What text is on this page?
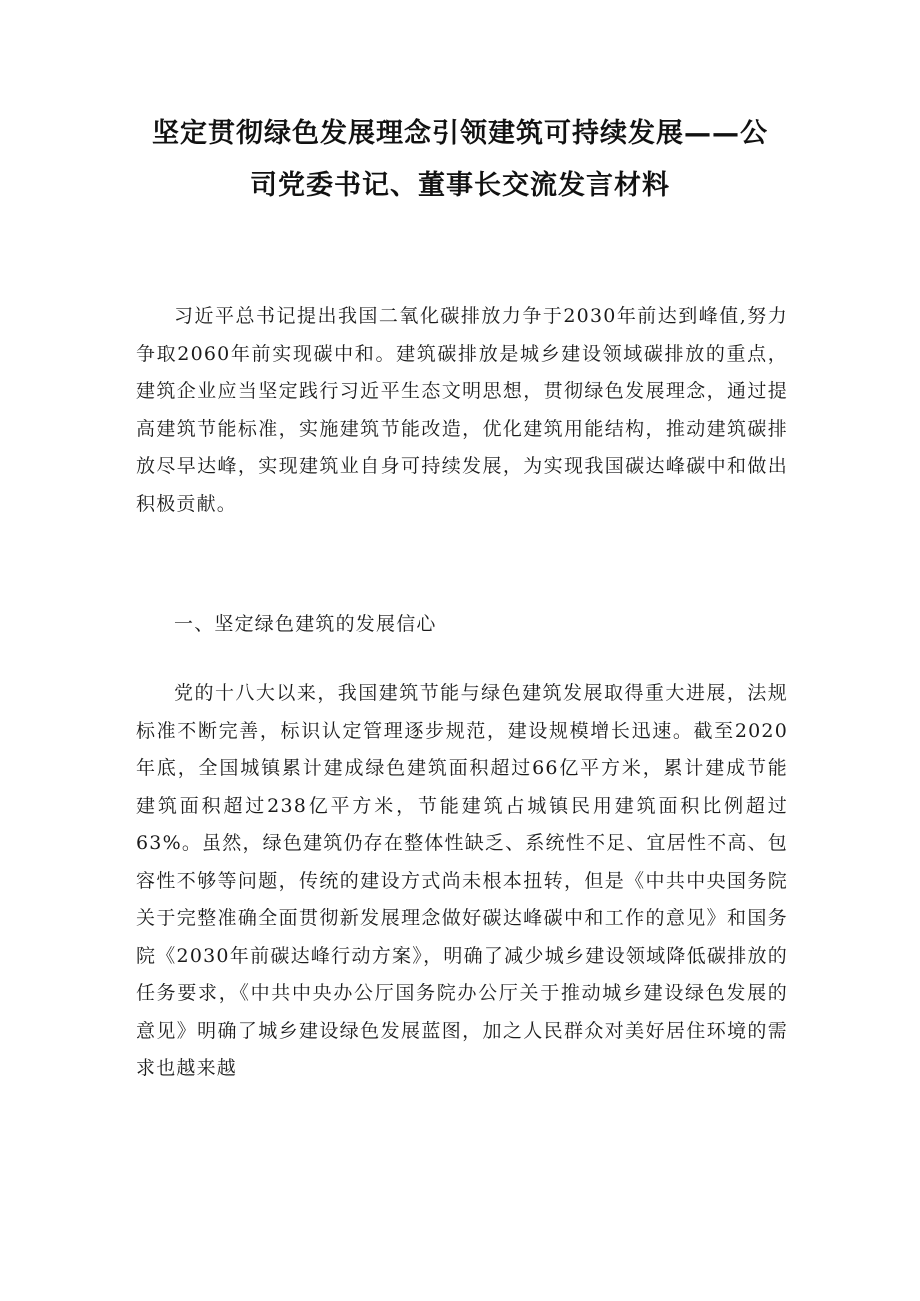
坚定贯彻绿色发展理念引领建筑可持续发展——公
司党委书记、董事长交流发言材料

习近平总书记提出我国二氧化碳排放力争于2030年前达到峰值,努力争取2060年前实现碳中和。建筑碳排放是城乡建设领域碳排放的重点，建筑企业应当坚定践行习近平生态文明思想，贯彻绿色发展理念，通过提高建筑节能标准，实施建筑节能改造，优化建筑用能结构，推动建筑碳排放尽早达峰，实现建筑业自身可持续发展，为实现我国碳达峰碳中和做出积极贡献。

一、坚定绿色建筑的发展信心

党的十八大以来，我国建筑节能与绿色建筑发展取得重大进展，法规标准不断完善，标识认定管理逐步规范，建设规模增长迅速。截至2020年底，全国城镇累计建成绿色建筑面积超过66亿平方米，累计建成节能建筑面积超过238亿平方米，节能建筑占城镇民用建筑面积比例超过63%。虽然，绿色建筑仍存在整体性缺乏、系统性不足、宜居性不高、包容性不够等问题，传统的建设方式尚未根本扭转，但是《中共中央国务院关于完整准确全面贯彻新发展理念做好碳达峰碳中和工作的意见》和国务院《2030年前碳达峰行动方案》，明确了减少城乡建设领域降低碳排放的任务要求，《中共中央办公厅国务院办公厅关于推动城乡建设绿色发展的意见》明确了城乡建设绿色发展蓝图，加之人民群众对美好居住环境的需求也越来越
